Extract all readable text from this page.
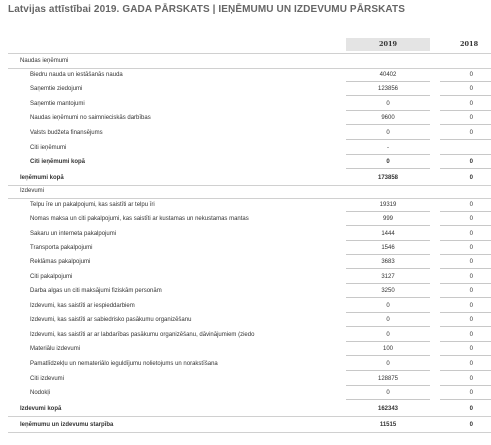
Latvijas attīstībai 2019. GADA PĀRSKATS | IEŅĒMUMU UN IZDEVUMU PĀRSKATS
2019	2018
Naudas ieņēmumi
Biedru nauda un iestāšanās nauda	40402	0
Saņemtie ziedojumi	123856	0
Saņemtie mantojumi	0	0
Naudas ieņēmumi no saimnieciskās darbības	9600	0
Valsts budžeta finansējums	0	0
Citi ieņēmumi	-
Citi ieņēmumi kopā	0	0
Ieņēmumi kopā	173858	0
Izdevumi
Telpu īre un pakalpojumi, kas saistīti ar telpu īri	19319	0
Nomas maksa un citi pakalpojumi, kas saistīti ar kustamas un nekustamas mantas	999	0
Sakaru un interneta pakalpojumi	1444	0
Transporta pakalpojumi	1546	0
Reklāmas pakalpojumi	3683	0
Citi pakalpojumi	3127	0
Darba algas un citi maksājumi fiziskām personām	3250	0
Izdevumi, kas saistīti ar iespieddarbiem	0	0
Izdevumi, kas saistīti ar sabiedrisko pasākumu organizēšanu	0	0
Izdevumi, kas saistīti ar ar labdarības pasākumu organizēšanu, dāvinājumiem (ziedo	0	0
Materiālu izdevumi	100	0
Pamatlīdzekļu un nemateriālo ieguldījumu nolietojums un norakstīšana	0	0
Citi izdevumi	128875	0
Nodokļi	0	0
Izdevumi kopā	162343	0
Ieņēmumu un izdevumu starpība	11515	0
